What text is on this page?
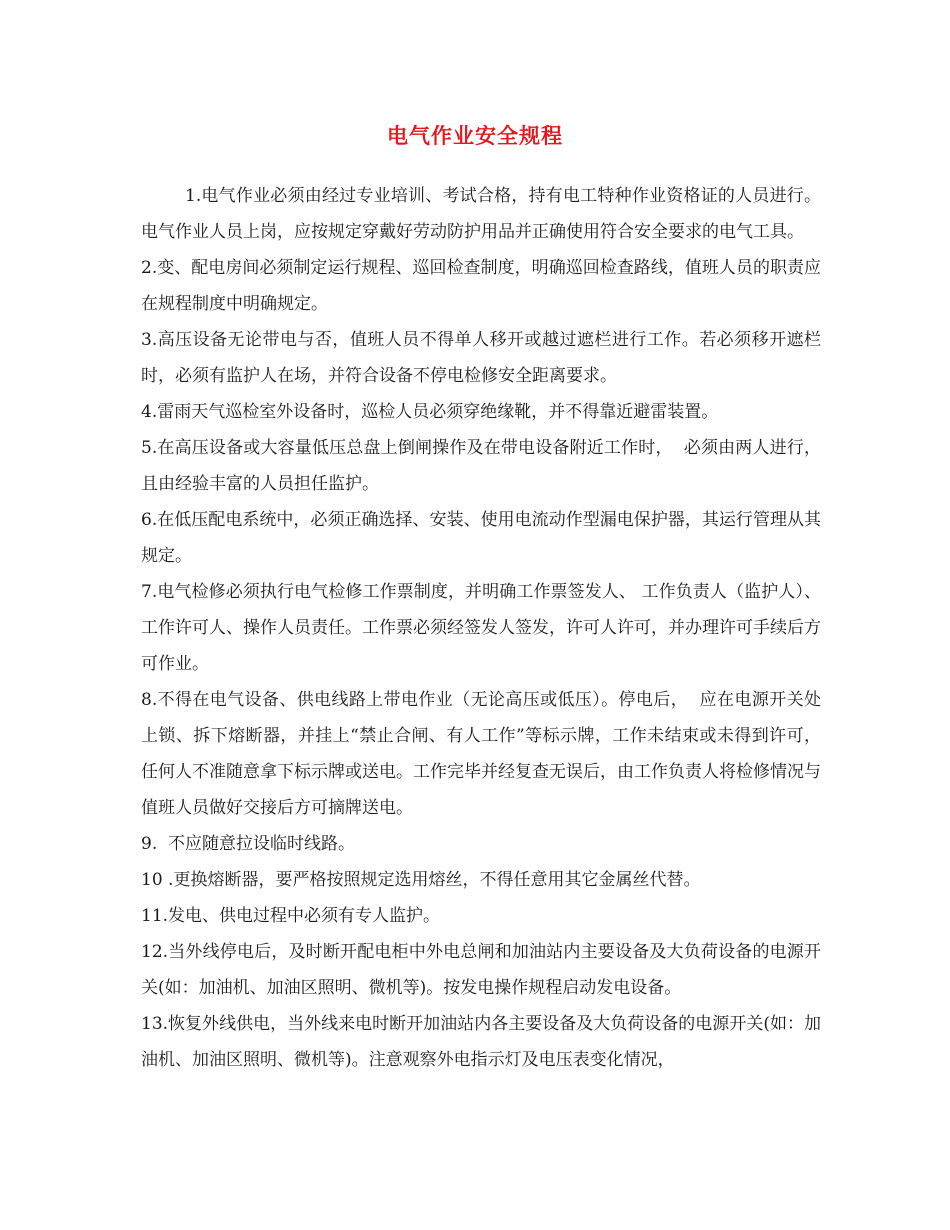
电气作业安全规程

1.电气作业必须由经过专业培训、考试合格，持有电工特种作业资格证的人员进行。电气作业人员上岗，应按规定穿戴好劳动防护用品并正确使用符合安全要求的电气工具。

2.变、配电房间必须制定运行规程、巡回检查制度，明确巡回检查路线，值班人员的职责应在规程制度中明确规定。

3.高压设备无论带电与否，值班人员不得单人移开或越过遮栏进行工作。若必须移开遮栏时，必须有监护人在场，并符合设备不停电检修安全距离要求。

4.雷雨天气巡检室外设备时，巡检人员必须穿绝缘靴，并不得靠近避雷装置。

5.在高压设备或大容量低压总盘上倒闸操作及在带电设备附近工作时，  必须由两人进行，且由经验丰富的人员担任监护。

6.在低压配电系统中，必须正确选择、安装、使用电流动作型漏电保护器，其运行管理从其规定。

7.电气检修必须执行电气检修工作票制度，并明确工作票签发人、 工作负责人（监护人）、工作许可人、操作人员责任。工作票必须经签发人签发，许可人许可，并办理许可手续后方可作业。

8.不得在电气设备、供电线路上带电作业（无论高压或低压）。停电后，  应在电源开关处上锁、拆下熔断器，并挂上“禁止合闸、有人工作”等标示牌，工作未结束或未得到许可，任何人不准随意拿下标示牌或送电。工作完毕并经复查无误后，由工作负责人将检修情况与值班人员做好交接后方可摘牌送电。

9.  不应随意拉设临时线路。

10 .更换熔断器，要严格按照规定选用熔丝，不得任意用其它金属丝代替。

11.发电、供电过程中必须有专人监护。

12.当外线停电后，及时断开配电柜中外电总闸和加油站内主要设备及大负荷设备的电源开关(如：加油机、加油区照明、微机等)。按发电操作规程启动发电设备。

13.恢复外线供电，当外线来电时断开加油站内各主要设备及大负荷设备的电源开关(如：加油机、加油区照明、微机等)。注意观察外电指示灯及电压表变化情况，
